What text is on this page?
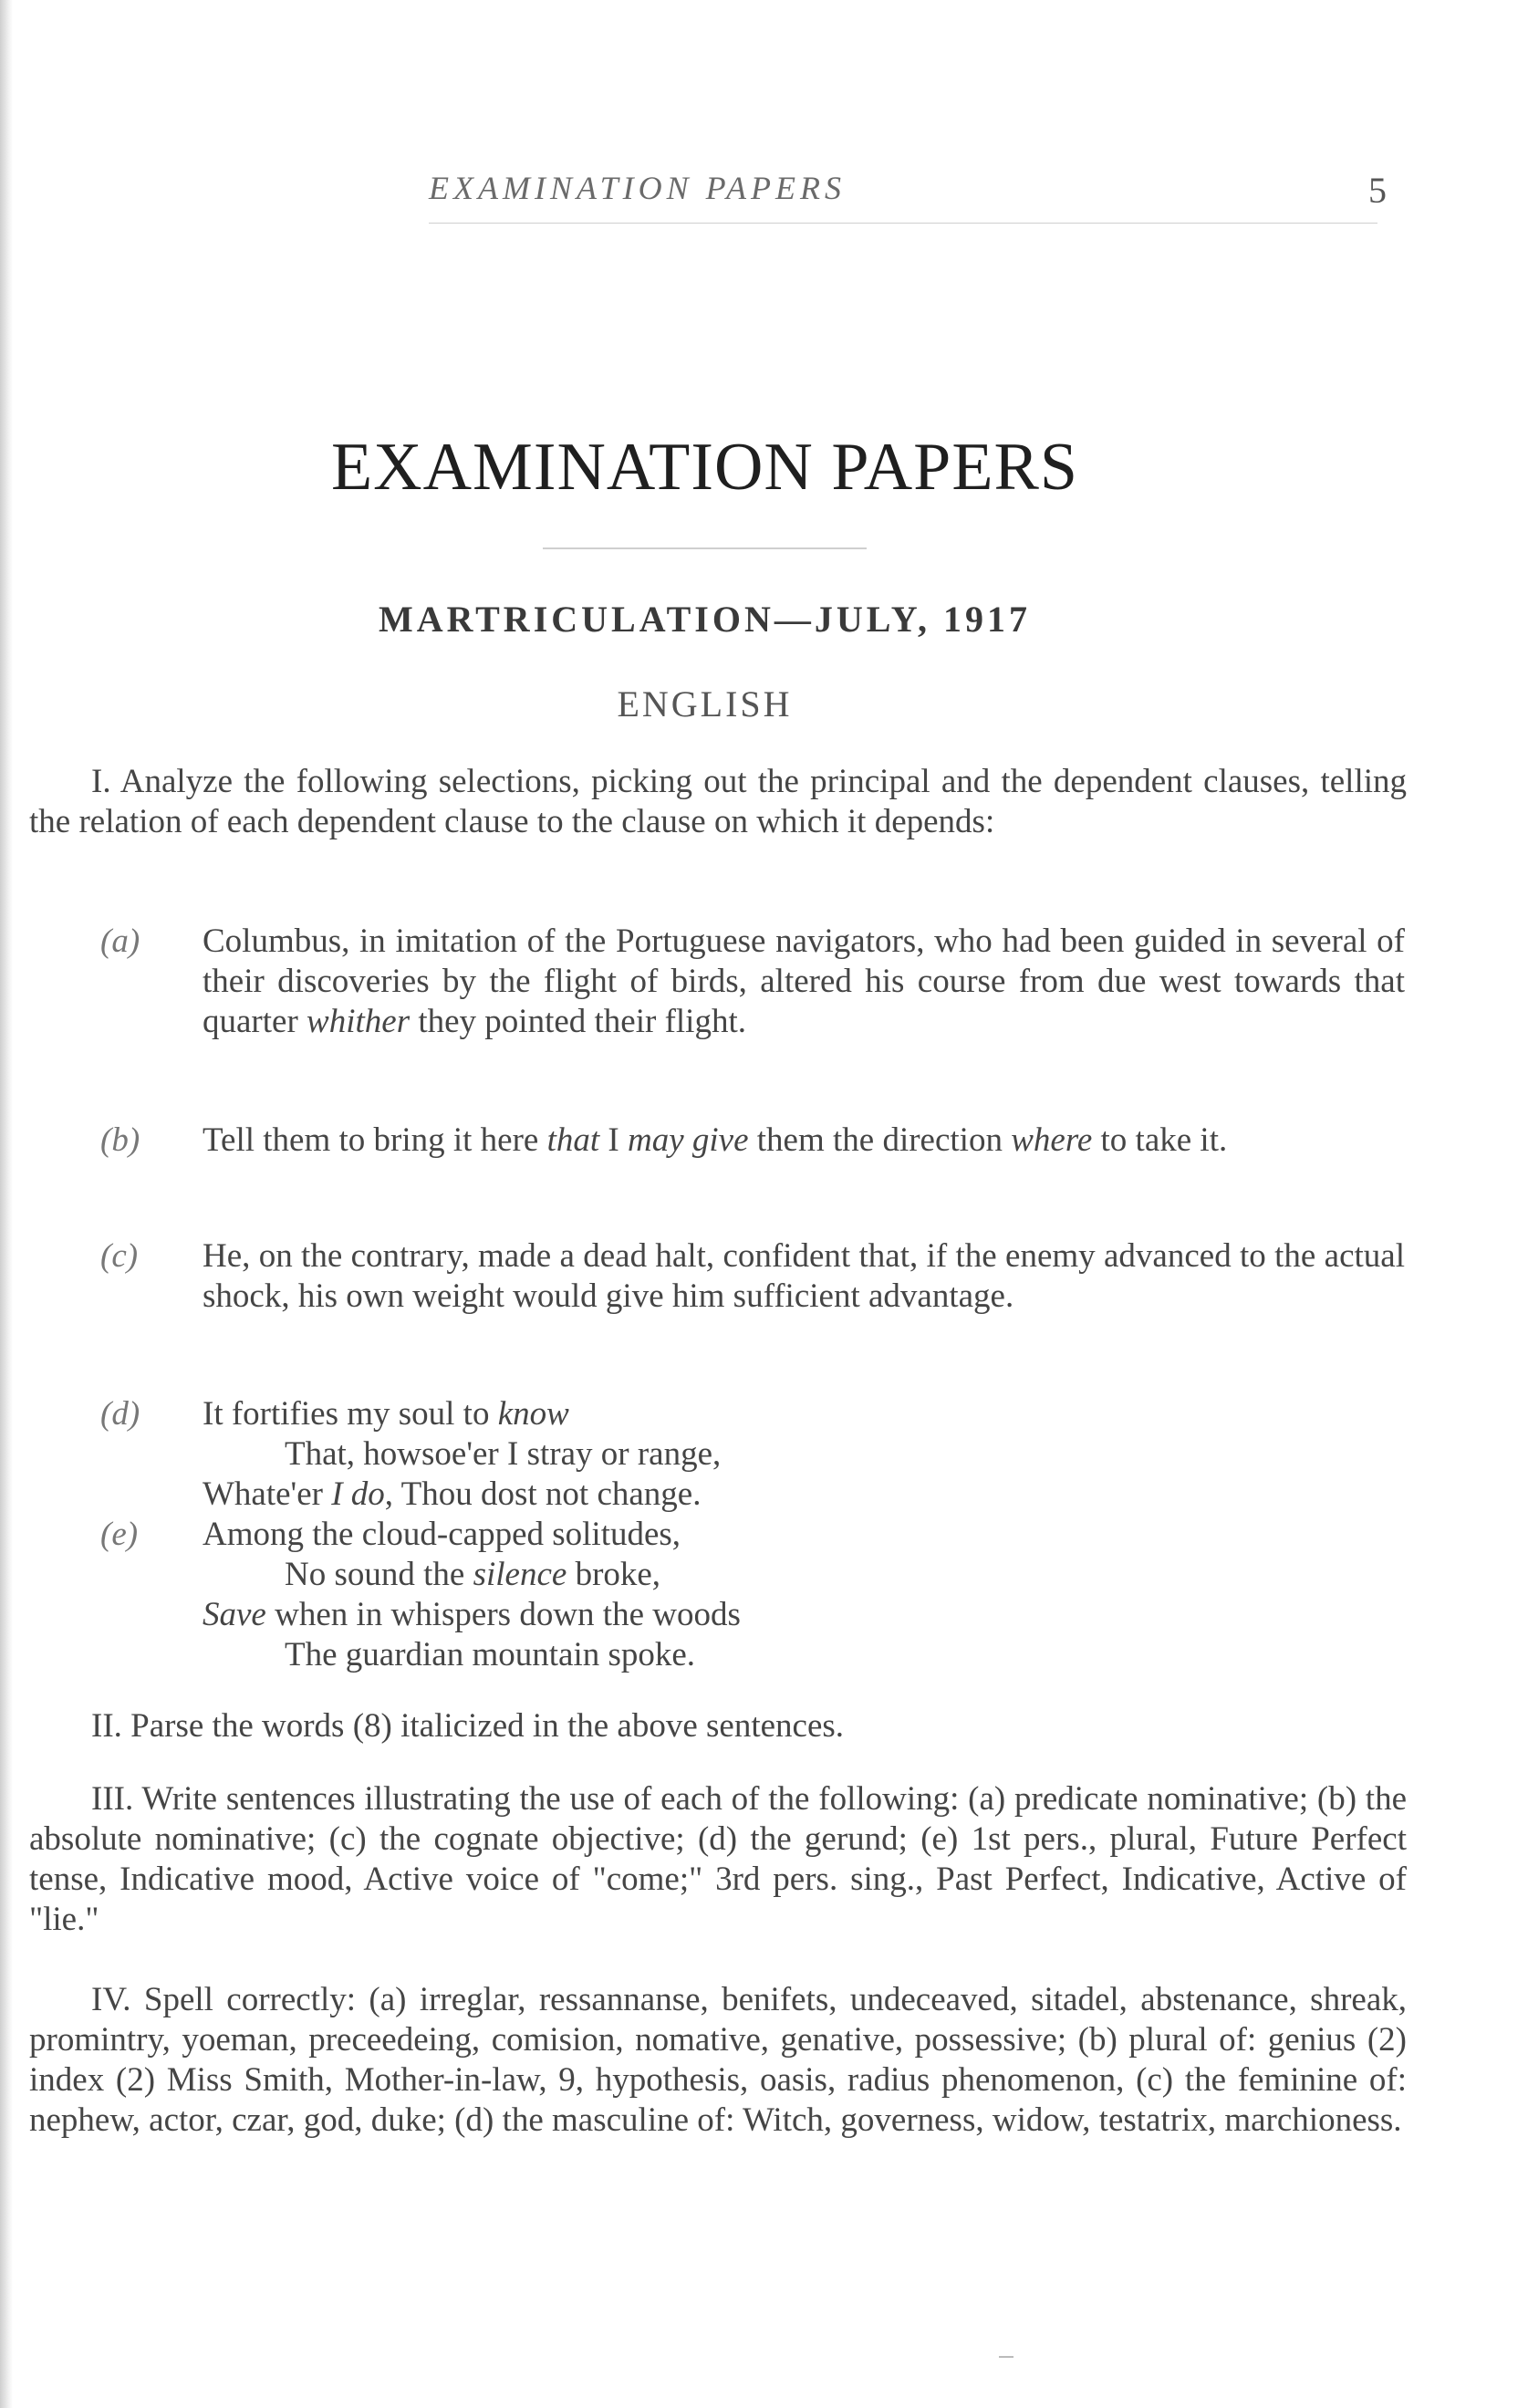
EXAMINATION PAPERS	5
EXAMINATION PAPERS
MARTRICULATION—JULY, 1917
ENGLISH

I. Analyze the following selections, picking out the principal and the dependent clauses, telling the relation of each dependent clause to the clause on which it depends:

(a)	Columbus, in imitation of the Portuguese navigators, who had been guided in several of their discoveries by the flight of birds, altered his course from due west towards that quarter whither they pointed their flight.
(b)	Tell them to bring it here that I may give them the direction where to take it.
(c)	He, on the contrary, made a dead halt, confident that, if the enemy advanced to the actual shock, his own weight would give him sufficient advantage.
(d)	It fortifies my soul to know
That, howsoe'er I stray or range,
Whate'er I do, Thou dost not change.
(e)	Among the cloud-capped solitudes,
No sound the silence broke,
Save when in whispers down the woods
The guardian mountain spoke.

II. Parse the words (8) italicized in the above sentences.

III. Write sentences illustrating the use of each of the following: (a) predicate nominative; (b) the absolute nominative; (c) the cognate objective; (d) the gerund; (e) 1st pers., plural, Future Perfect tense, Indicative mood, Active voice of "come;" 3rd pers. sing., Past Perfect, Indicative, Active of "lie."

IV. Spell correctly: (a) irreglar, ressannanse, benifets, undeceaved, sitadel, abstenance, shreak, promintry, yoeman, preceedeing, comision, nomative, genative, possessive; (b) plural of: genius (2) index (2) Miss Smith, Mother-in-law, 9, hypothesis, oasis, radius phenomenon, (c) the feminine of: nephew, actor, czar, god, duke; (d) the masculine of: Witch, governess, widow, testatrix, marchioness.
